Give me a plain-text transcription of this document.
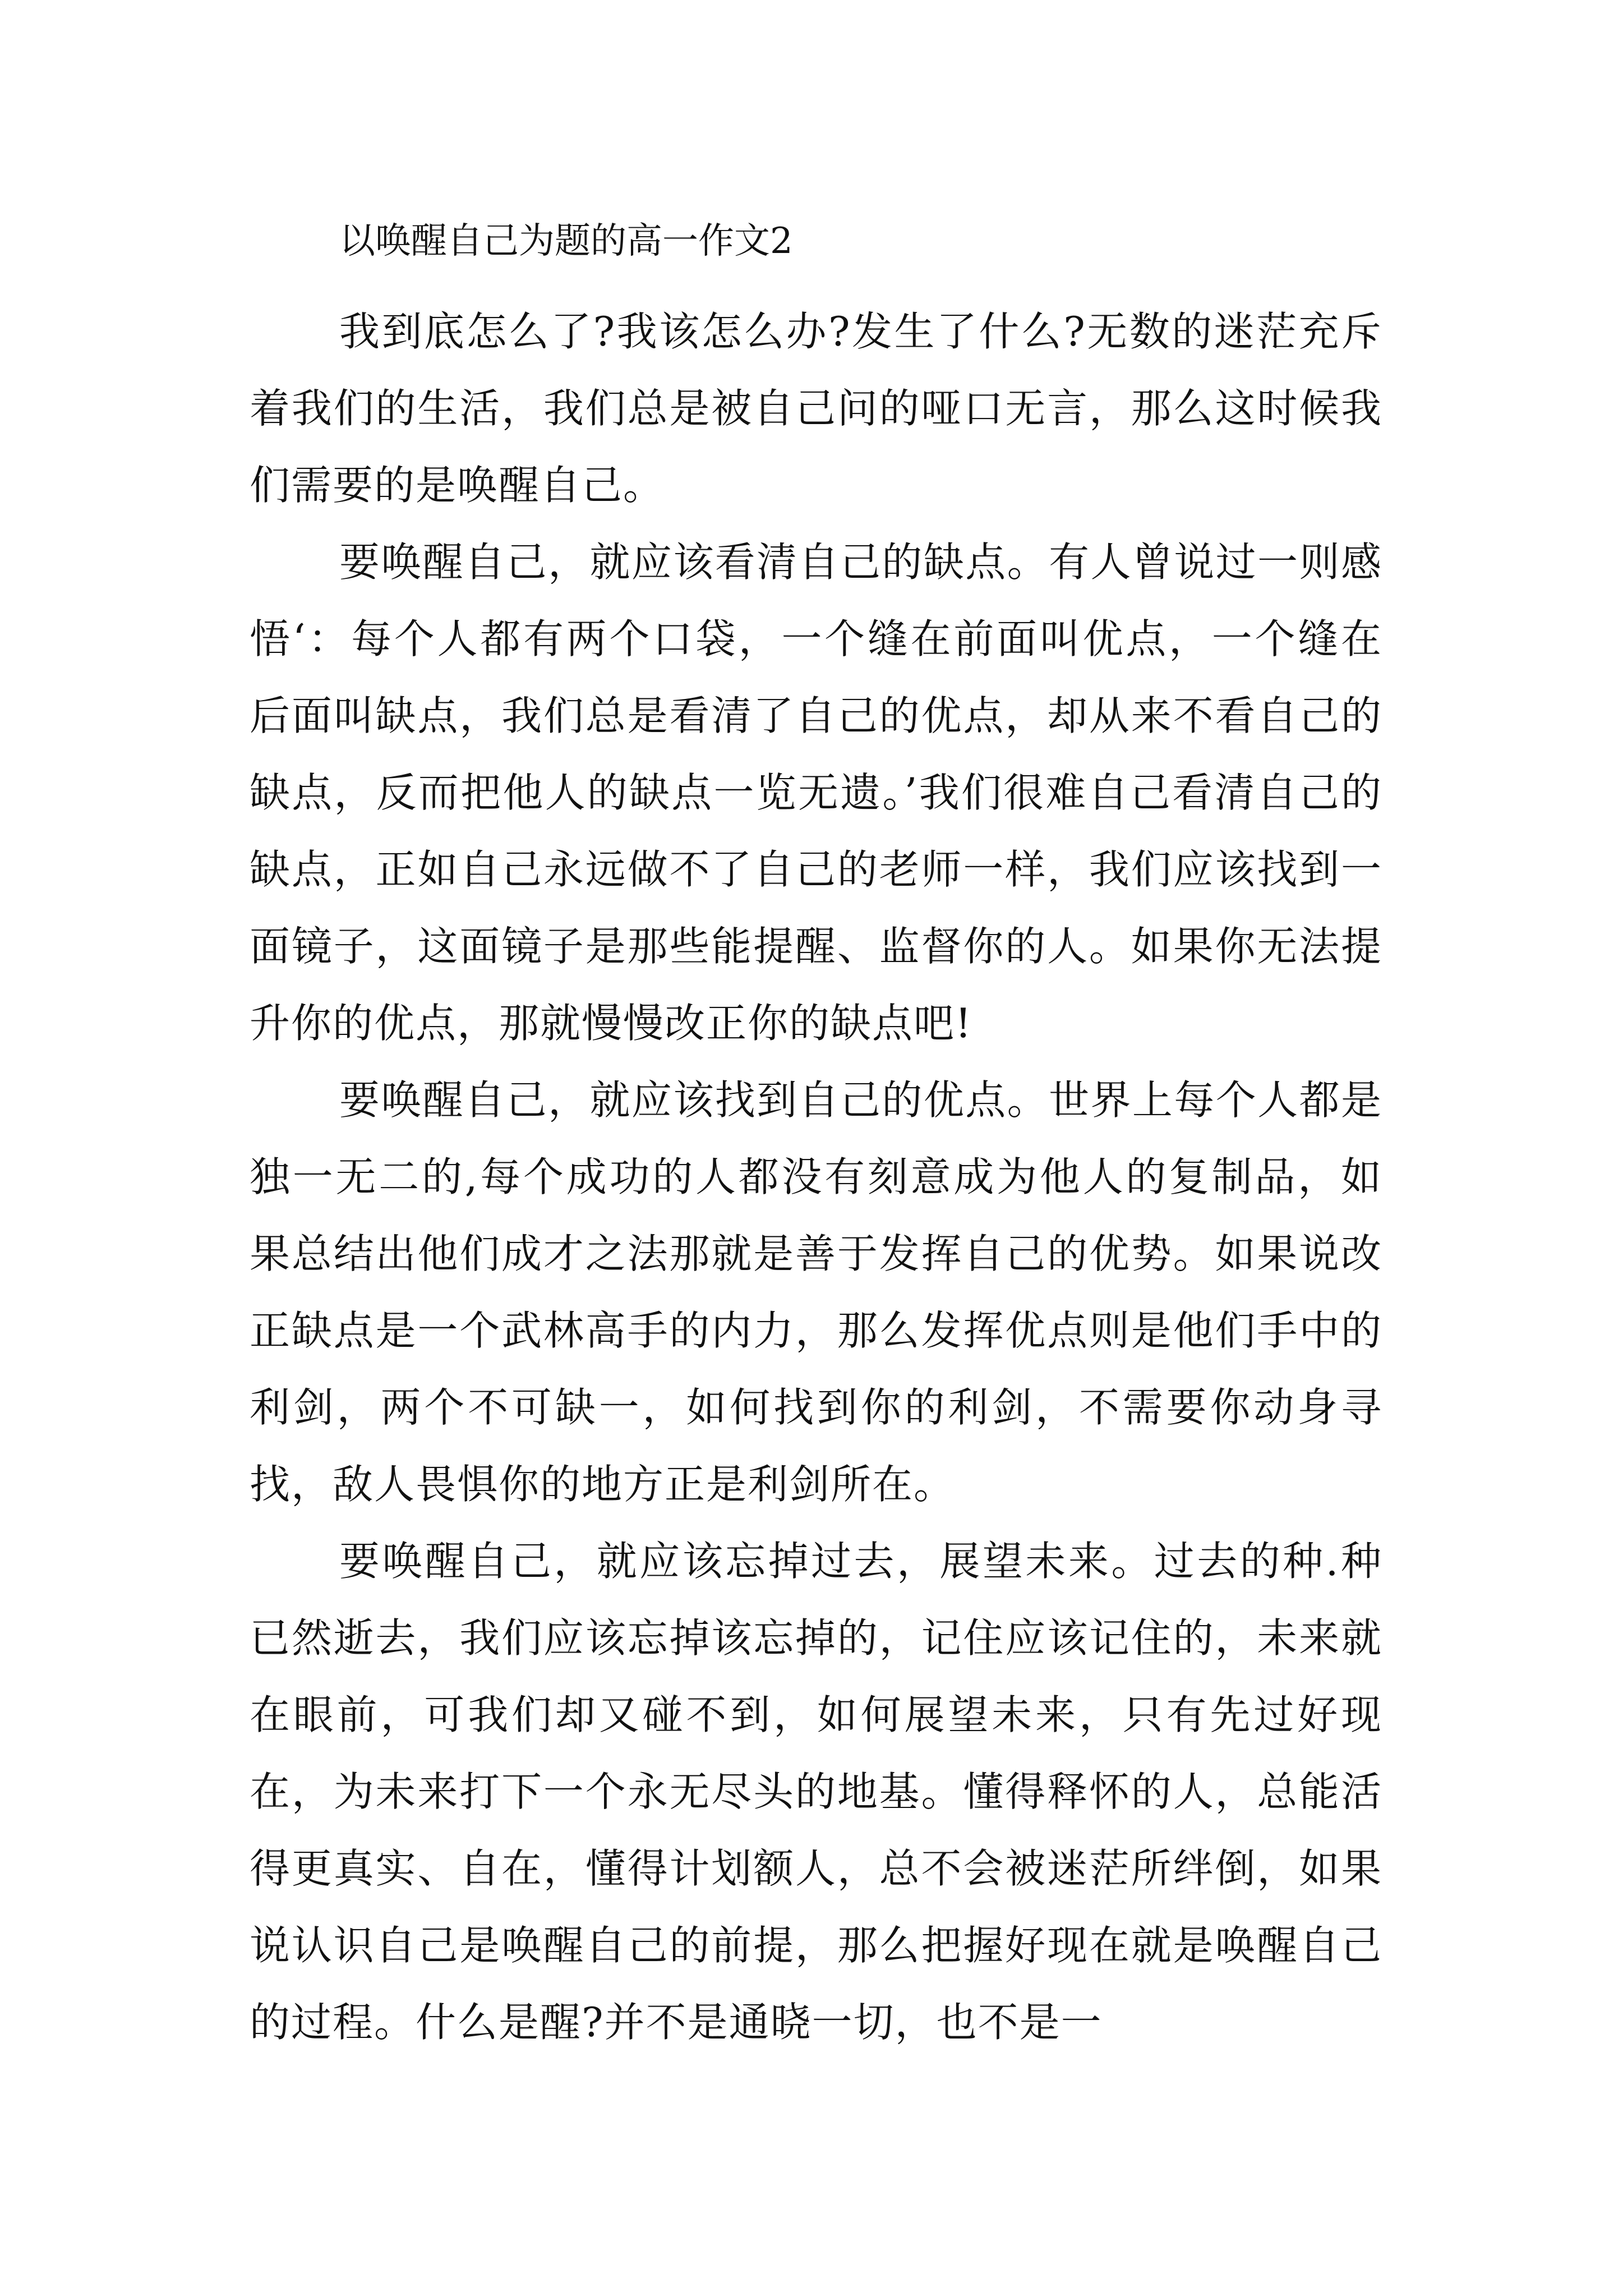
以唤醒自己为题的高一作文2

我到底怎么了?我该怎么办?发生了什么?无数的迷茫充斥着我们的生活，我们总是被自己问的哑口无言，那么这时候我们需要的是唤醒自己。

要唤醒自己，就应该看清自己的缺点。有人曾说过一则感悟‘：每个人都有两个口袋，一个缝在前面叫优点，一个缝在后面叫缺点，我们总是看清了自己的优点，却从来不看自己的缺点，反而把他人的缺点一览无遗。’我们很难自己看清自己的缺点，正如自己永远做不了自己的老师一样，我们应该找到一面镜子，这面镜子是那些能提醒、监督你的人。如果你无法提升你的优点，那就慢慢改正你的缺点吧!

要唤醒自己，就应该找到自己的优点。世界上每个人都是独一无二的,每个成功的人都没有刻意成为他人的复制品，如果总结出他们成才之法那就是善于发挥自己的优势。如果说改正缺点是一个武林高手的内力，那么发挥优点则是他们手中的利剑，两个不可缺一，如何找到你的利剑，不需要你动身寻找，敌人畏惧你的地方正是利剑所在。

要唤醒自己，就应该忘掉过去，展望未来。过去的种.种已然逝去，我们应该忘掉该忘掉的，记住应该记住的，未来就在眼前，可我们却又碰不到，如何展望未来，只有先过好现在，为未来打下一个永无尽头的地基。懂得释怀的人，总能活得更真实、自在，懂得计划额人，总不会被迷茫所绊倒，如果说认识自己是唤醒自己的前提，那么把握好现在就是唤醒自己的过程。什么是醒?并不是通晓一切，也不是一
